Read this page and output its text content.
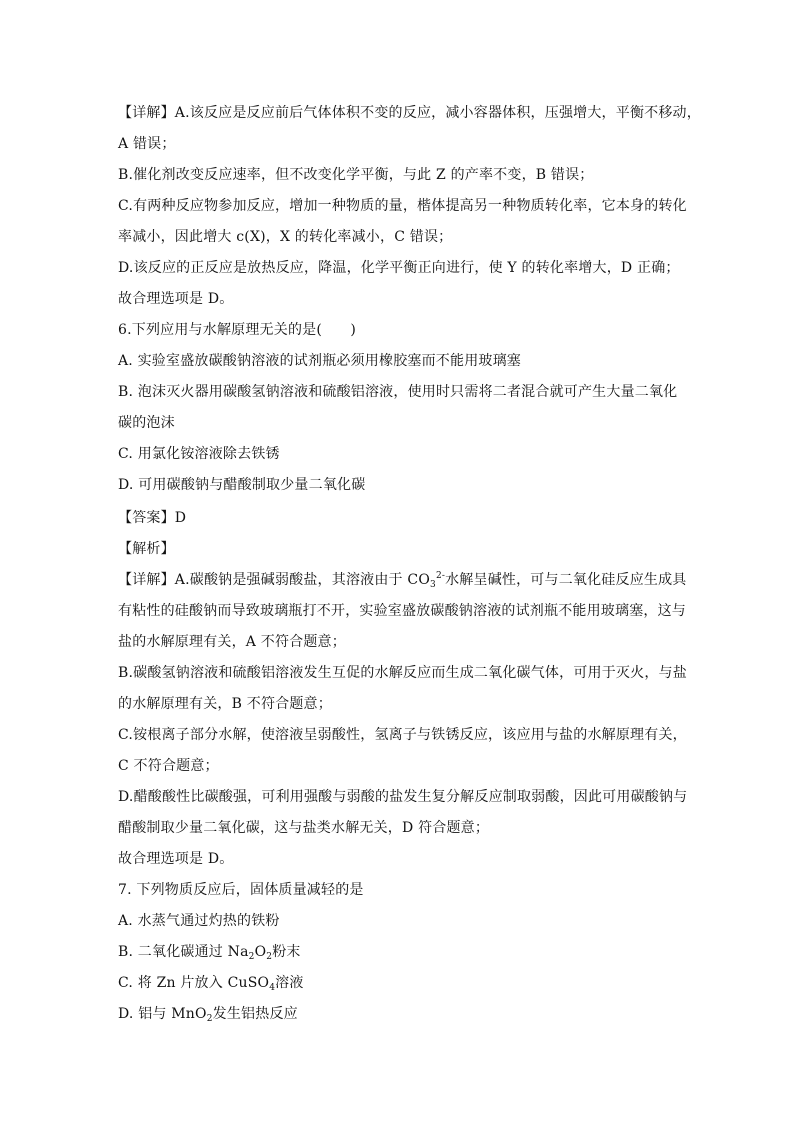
【详解】A.该反应是反应前后气体体积不变的反应，减小容器体积，压强增大，平衡不移动，
A 错误；
B.催化剂改变反应速率，但不改变化学平衡，与此 Z 的产率不变，B 错误；
C.有两种反应物参加反应，增加一种物质的量，楷体提高另一种物质转化率，它本身的转化
率减小，因此增大 c(X)，X 的转化率减小，C 错误；
D.该反应的正反应是放热反应，降温，化学平衡正向进行，使 Y 的转化率增大，D 正确；
故合理选项是 D。
6.下列应用与水解原理无关的是(　　)
A. 实验室盛放碳酸钠溶液的试剂瓶必须用橡胶塞而不能用玻璃塞
B. 泡沫灭火器用碳酸氢钠溶液和硫酸铝溶液，使用时只需将二者混合就可产生大量二氧化
碳的泡沫
C. 用氯化铵溶液除去铁锈
D. 可用碳酸钠与醋酸制取少量二氧化碳
【答案】D
【解析】
【详解】A.碳酸钠是强碱弱酸盐，其溶液由于 $CO_3^{2-}$水解呈碱性，可与二氧化硅反应生成具
有粘性的硅酸钠而导致玻璃瓶打不开，实验室盛放碳酸钠溶液的试剂瓶不能用玻璃塞，这与
盐的水解原理有关，A 不符合题意；
B.碳酸氢钠溶液和硫酸铝溶液发生互促的水解反应而生成二氧化碳气体，可用于灭火，与盐
的水解原理有关，B 不符合题意；
C.铵根离子部分水解，使溶液呈弱酸性，氢离子与铁锈反应，该应用与盐的水解原理有关，
C 不符合题意；
D.醋酸酸性比碳酸强，可利用强酸与弱酸的盐发生复分解反应制取弱酸，因此可用碳酸钠与
醋酸制取少量二氧化碳，这与盐类水解无关，D 符合题意；
故合理选项是 D。
7. 下列物质反应后，固体质量减轻的是
A. 水蒸气通过灼热的铁粉
B. 二氧化碳通过 $Na_2O_2$粉末
C. 将 Zn 片放入 CuSO$_4$溶液
D. 铝与 MnO$_2$发生铝热反应
